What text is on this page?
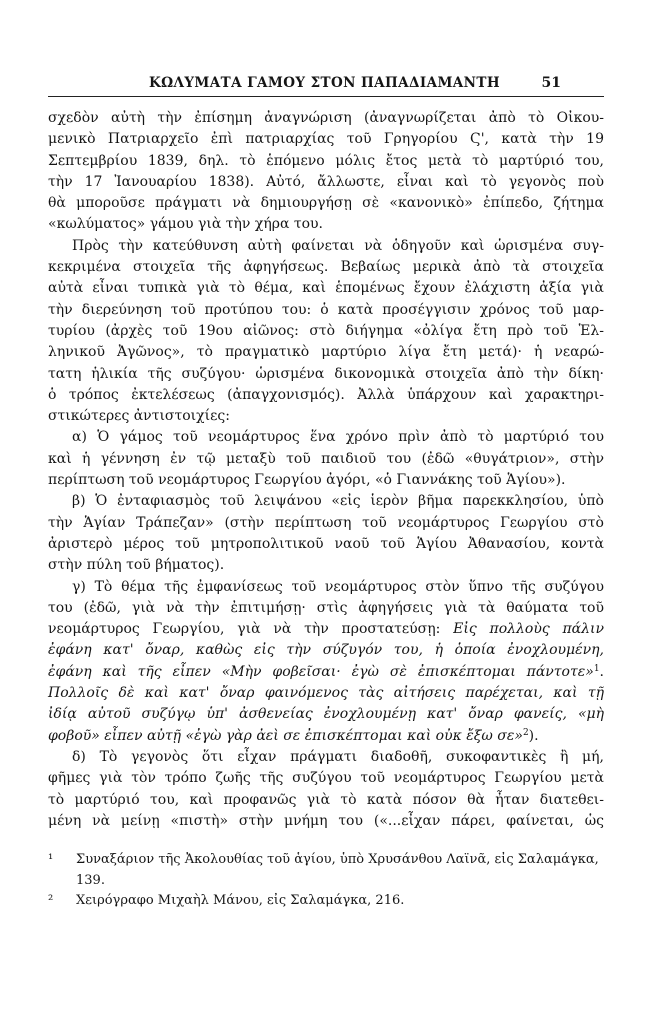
ΚΩΛΥΜΑΤΑ ΓΑΜΟΥ ΣΤΟΝ ΠΑΠΑΔΙΑΜΑΝΤΗ	51
σχεδὸν αὐτὴ τὴν ἐπίσημη ἀναγνώριση (ἀναγνωρίζεται ἀπὸ τὸ Οἰκου-
μενικὸ Πατριαρχεῖο ἐπὶ πατριαρχίας τοῦ Γρηγορίου Ϛ', κατὰ τὴν 19
Σεπτεμβρίου 1839, δηλ. τὸ ἑπόμενο μόλις ἔτος μετὰ τὸ μαρτύριό του,
τὴν 17 Ἰανουαρίου 1838). Αὐτό, ἄλλωστε, εἶναι καὶ τὸ γεγονὸς ποὺ
θὰ μποροῦσε πράγματι νὰ δημιουργήσῃ σὲ «κανονικὸ» ἐπίπεδο, ζήτημα
«κωλύματος» γάμου γιὰ τὴν χήρα του.
Πρὸς τὴν κατεύθυνση αὐτὴ φαίνεται νὰ ὁδηγοῦν καὶ ὡρισμένα συγ-
κεκριμένα στοιχεῖα τῆς ἀφηγήσεως. Βεβαίως μερικὰ ἀπὸ τὰ στοιχεῖα
αὐτὰ εἶναι τυπικὰ γιὰ τὸ θέμα, καὶ ἑπομένως ἔχουν ἐλάχιστη ἀξία γιὰ
τὴν διερεύνηση τοῦ προτύπου του: ὁ κατὰ προσέγγισιν χρόνος τοῦ μαρ-
τυρίου (ἀρχὲς τοῦ 19ου αἰῶνος: στὸ διήγημα «ὀλίγα ἔτη πρὸ τοῦ Ἑλ-
ληνικοῦ Ἀγῶνος», τὸ πραγματικὸ μαρτύριο λίγα ἔτη μετά)· ἡ νεαρώ-
τατη ἡλικία τῆς συζύγου· ὡρισμένα δικονομικὰ στοιχεῖα ἀπὸ τὴν δίκη·
ὁ τρόπος ἐκτελέσεως (ἀπαγχονισμός). Ἀλλὰ ὑπάρχουν καὶ χαρακτηρι-
στικώτερες ἀντιστοιχίες:
α) Ὁ γάμος τοῦ νεομάρτυρος ἕνα χρόνο πρὶν ἀπὸ τὸ μαρτύριό του
καὶ ἡ γέννηση ἐν τῷ μεταξὺ τοῦ παιδιοῦ του (ἐδῶ «θυγάτριον», στὴν
περίπτωση τοῦ νεομάρτυρος Γεωργίου ἀγόρι, «ὁ Γιαννάκης τοῦ Ἁγίου»).
β) Ὁ ἐνταφιασμὸς τοῦ λειψάνου «εἰς ἱερὸν βῆμα παρεκκλησίου, ὑπὸ
τὴν Ἁγίαν Τράπεζαν» (στὴν περίπτωση τοῦ νεομάρτυρος Γεωργίου στὸ
ἀριστερὸ μέρος τοῦ μητροπολιτικοῦ ναοῦ τοῦ Ἁγίου Ἀθανασίου, κοντὰ
στὴν πύλη τοῦ βήματος).
γ) Τὸ θέμα τῆς ἐμφανίσεως τοῦ νεομάρτυρος στὸν ὕπνο τῆς συζύγου
του (ἐδῶ, γιὰ νὰ τὴν ἐπιτιμήσῃ· στὶς ἀφηγήσεις γιὰ τὰ θαύματα τοῦ
νεομάρτυρος Γεωργίου, γιὰ νὰ τὴν προστατεύσῃ: Εἰς πολλοὺς πάλιν
ἐφάνη κατ' ὄναρ, καθὼς εἰς τὴν σύζυγόν του, ἡ ὁποία ἐνοχλουμένη,
ἐφάνη καὶ τῆς εἶπεν «Μὴν φοβεῖσαι· ἐγὼ σὲ ἐπισκέπτομαι πάντοτε»$^1$.
Πολλοῖς δὲ καὶ κατ' ὄναρ φαινόμενος τὰς αἰτήσεις παρέχεται, καὶ τῇ
ἰδίᾳ αὐτοῦ συζύγῳ ὑπ' ἀσθενείας ἐνοχλουμένῃ κατ' ὄναρ φανείς, «μὴ
φοβοῦ» εἶπεν αὐτῇ «ἐγὼ γὰρ ἀεὶ σε ἐπισκέπτομαι καὶ οὐκ ἔξω σε»$^2$).
δ) Τὸ γεγονὸς ὅτι εἶχαν πράγματι διαδοθῆ, συκοφαντικὲς ἢ μή,
φῆμες γιὰ τὸν τρόπο ζωῆς τῆς συζύγου τοῦ νεομάρτυρος Γεωργίου μετὰ
τὸ μαρτύριό του, καὶ προφανῶς γιὰ τὸ κατὰ πόσον θὰ ἦταν διατεθει-
μένη νὰ μείνῃ «πιστὴ» στὴν μνήμη του («...εἶχαν πάρει, φαίνεται, ὡς
¹ Συναξάριον τῆς Ἀκολουθίας τοῦ ἁγίου, ὑπὸ Χρυσάνθου Λαϊνᾶ, εἰς Σαλαμάγκα,
139.
² Χειρόγραφο Μιχαὴλ Μάνου, εἰς Σαλαμάγκα, 216.
